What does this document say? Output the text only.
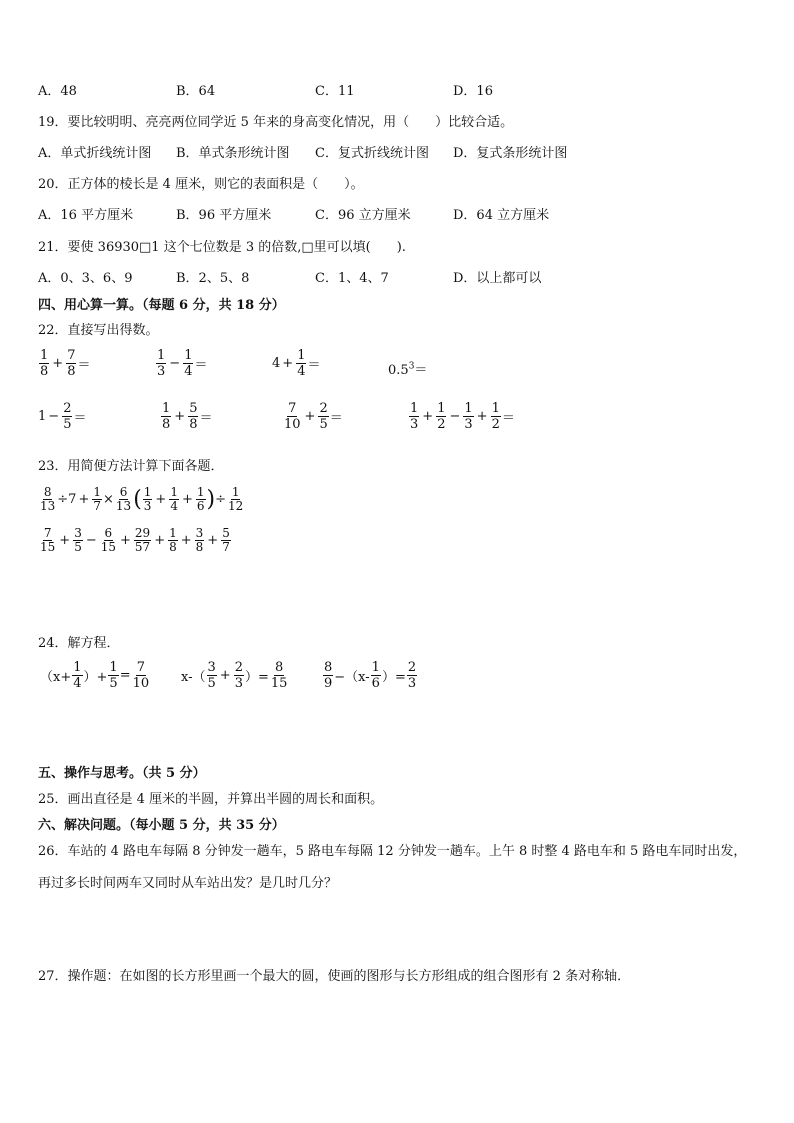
A．48	B．64	C．11	D．16
19．要比较明明、亮亮两位同学近 5 年来的身高变化情况，用（　　）比较合适。
A．单式折线统计图 B．单式条形统计图 C．复式折线统计图 D．复式条形统计图
20．正方体的棱长是 4 厘米，则它的表面积是（　　）。
A．16 平方厘米	B．96 平方厘米	C．96 立方厘米	D．64 立方厘米
21．要使 36930□1 这个七位数是 3 的倍数,□里可以填(　　).
A．0、3、6、9	B．2、5、8	C．1、4、7	D．以上都可以
四、用心算一算。（每题 6 分，共 18 分）
22．直接写出得数。
$\frac{1}{8} + \frac{7}{8}$ ＝	$\frac{1}{3} - \frac{1}{4}$ ＝	$4 + \frac{1}{4}$ ＝	$0.5^3=$
$1 - \frac{2}{5}$ ＝	$\frac{1}{8} + \frac{5}{8}$ ＝	$\frac{7}{10} + \frac{2}{5}$ ＝	$\frac{1}{3} + \frac{1}{2} - \frac{1}{3} + \frac{1}{2}$ ＝
23．用简便方法计算下面各题．
$\frac{8}{13} \div 7 + \frac{1}{7} \times \frac{6}{13}$ ( $\frac{1}{3} + \frac{1}{4} + \frac{1}{6}$ ) ÷ $\frac{1}{12}$
$\frac{7}{15} + \frac{3}{5} - \frac{6}{15} + \frac{29}{57} + \frac{1}{8} + \frac{3}{8} + \frac{5}{7}$
24．解方程．
（$x+ \frac{1}{4}$ ）+ $\frac{1}{5} = \frac{7}{10} x-( \frac{3}{5} + \frac{2}{3}$ ）= $\frac{8}{15}$	$\frac{8}{9} -(x- \frac{1}{6}$ ）= $\frac{2}{3}$
五、操作与思考。（共 5 分）
25．画出直径是 4 厘米的半圆，并算出半圆的周长和面积。
六、解决问题。（每小题 5 分，共 35 分）
26．车站的 4 路电车每隔 8 分钟发一趟车，5 路电车每隔 12 分钟发一趟车。上午 8 时整 4 路电车和 5 路电车同时出发，
再过多长时间两车又同时从车站出发？是几时几分？
27．操作题：在如图的长方形里画一个最大的圆，使画的图形与长方形组成的组合图形有 2 条对称轴．
